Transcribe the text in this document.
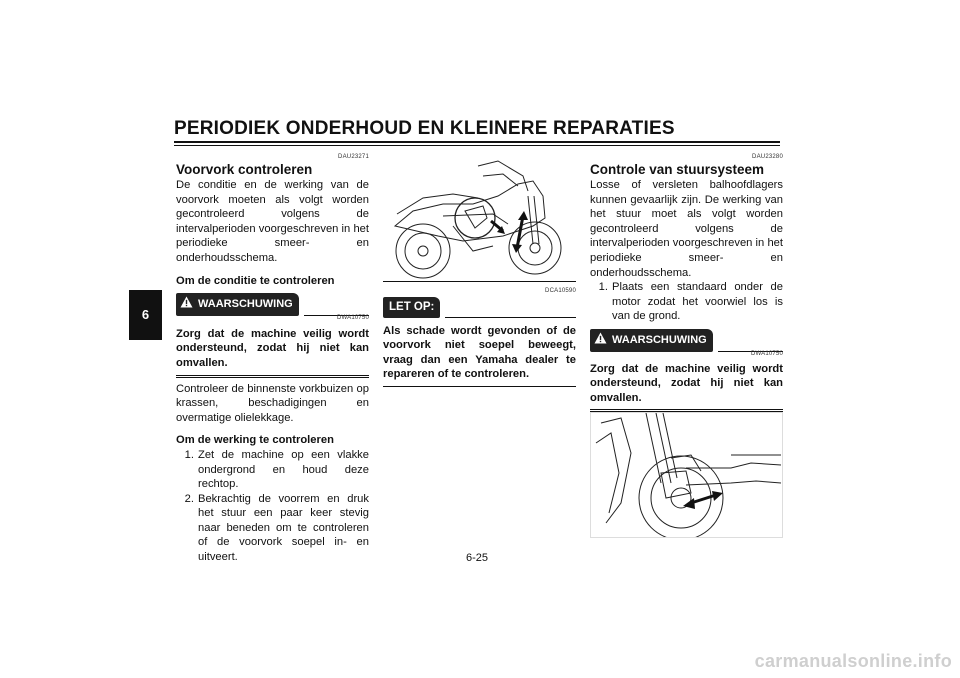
PERIODIEK ONDERHOUD EN KLEINERE REPARATIES
6
DAU23271
Voorvork controleren
De conditie en de werking van de voorvork moeten als volgt worden gecontroleerd volgens de intervalperioden voorgeschreven in het periodieke smeer- en onderhoudsschema.
Om de conditie te controleren
WAARSCHUWING
DWA10750
Zorg dat de machine veilig wordt ondersteund, zodat hij niet kan omvallen.
Controleer de binnenste vorkbuizen op krassen, beschadigingen en overmatige olielekkage.
Om de werking te controleren
1. Zet de machine op een vlakke ondergrond en houd deze rechtop.
2. Bekrachtig de voorrem en druk het stuur een paar keer stevig naar beneden om te controleren of de voorvork soepel in- en uitveert.
DCA10590
LET OP:
Als schade wordt gevonden of de voorvork niet soepel beweegt, vraag dan een Yamaha dealer te repareren of te controleren.
DAU23280
Controle van stuursysteem
Losse of versleten balhoofdlagers kunnen gevaarlijk zijn. De werking van het stuur moet als volgt worden gecontroleerd volgens de intervalperioden voorgeschreven in het periodieke smeer- en onderhoudsschema.
1. Plaats een standaard onder de motor zodat het voorwiel los is van de grond.
WAARSCHUWING
DWA10750
Zorg dat de machine veilig wordt ondersteund, zodat hij niet kan omvallen.
6-25
carmanualsonline.info
